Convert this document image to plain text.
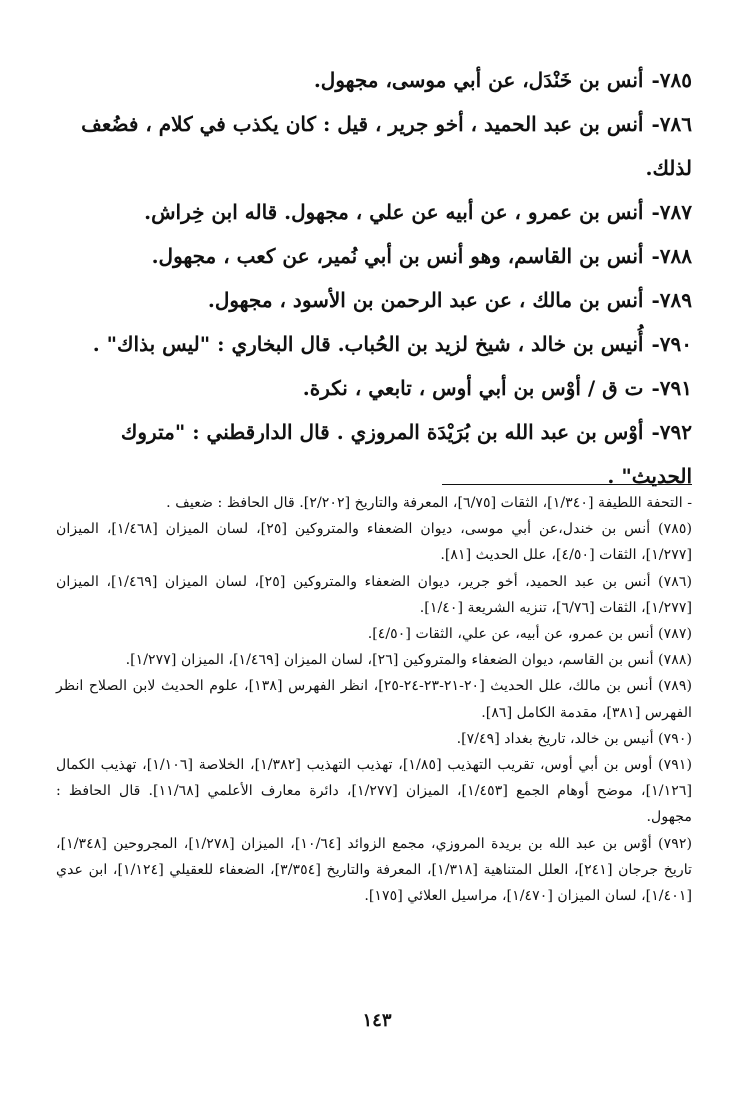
٧٨٥-أنس بن خَنْدَل، عن أبي موسى، مجهول.

٧٨٦-أنس بن عبد الحميد ، أخو جرير ، قيل : كان يكذب في كلام ، فضُعف لذلك.

٧٨٧-أنس بن عمرو ، عن أبيه عن علي ، مجهول. قاله ابن خِراش.

٧٨٨-أنس بن القاسم، وهو أنس بن أبي نُمير، عن كعب ، مجهول.

٧٨٩-أنس بن مالك ، عن عبد الرحمن بن الأسود ، مجهول.

٧٩٠-أُنيس بن خالد ، شيخ لزيد بن الحُباب. قال البخاري : "ليس بذاك" .

٧٩١-ت ق / أوْس بن أبي أوس ، تابعي ، نكرة.

٧٩٢-أوْس بن عبد الله بن بُرَيْدَة المروزي . قال الدارقطني : "متروك الحديث" .

- التحفة اللطيفة [١/٣٤٠]، الثقات [٦/٧٥]، المعرفة والتاريخ [٢/٢٠٢]. قال الحافظ : ضعيف .

(٧٨٥) أنس بن خندل،عن أبي موسى، ديوان الضعفاء والمتروكين [٢٥]، لسان الميزان [١/٤٦٨]، الميزان [١/٢٧٧]، الثقات [٤/٥٠]، علل الحديث [٨١].

(٧٨٦) أنس بن عبد الحميد، أخو جرير، ديوان الضعفاء والمتروكين [٢٥]، لسان الميزان [١/٤٦٩]، الميزان [١/٢٧٧]، الثقات [٦/٧٦]، تنزيه الشريعة [١/٤٠].

(٧٨٧) أنس بن عمرو، عن أبيه، عن علي، الثقات [٤/٥٠].

(٧٨٨) أنس بن القاسم، ديوان الضعفاء والمتروكين [٢٦]، لسان الميزان [١/٤٦٩]، الميزان [١/٢٧٧].

(٧٨٩) أنس بن مالك، علل الحديث [٢٠-٢١-٢٣-٢٤-٢٥]، انظر الفهرس [١٣٨]، علوم الحديث لابن الصلاح انظر الفهرس [٣٨١]، مقدمة الكامل [٨٦].

(٧٩٠) أنيس بن خالد، تاريخ بغداد [٧/٤٩].

(٧٩١) أوس بن أبي أوس، تقريب التهذيب [١/٨٥]، تهذيب التهذيب [١/٣٨٢]، الخلاصة [١/١٠٦]، تهذيب الكمال [١/١٢٦]، موضح أوهام الجمع [١/٤٥٣]، الميزان [١/٢٧٧]، دائرة معارف الأعلمي [١١/٦٨]. قال الحافظ : مجهول.

(٧٩٢) أوْس بن عبد الله بن بريدة المروزي، مجمع الزوائد [١٠/٦٤]، الميزان [١/٢٧٨]، المجروحين [١/٣٤٨]، تاريخ جرجان [٢٤١]، العلل المتناهية [١/٣١٨]، المعرفة والتاريخ [٣/٣٥٤]، الضعفاء للعقيلي [١/١٢٤]، ابن عدي [١/٤٠١]، لسان الميزان [١/٤٧٠]، مراسيل العلائي [١٧٥].

١٤٣
